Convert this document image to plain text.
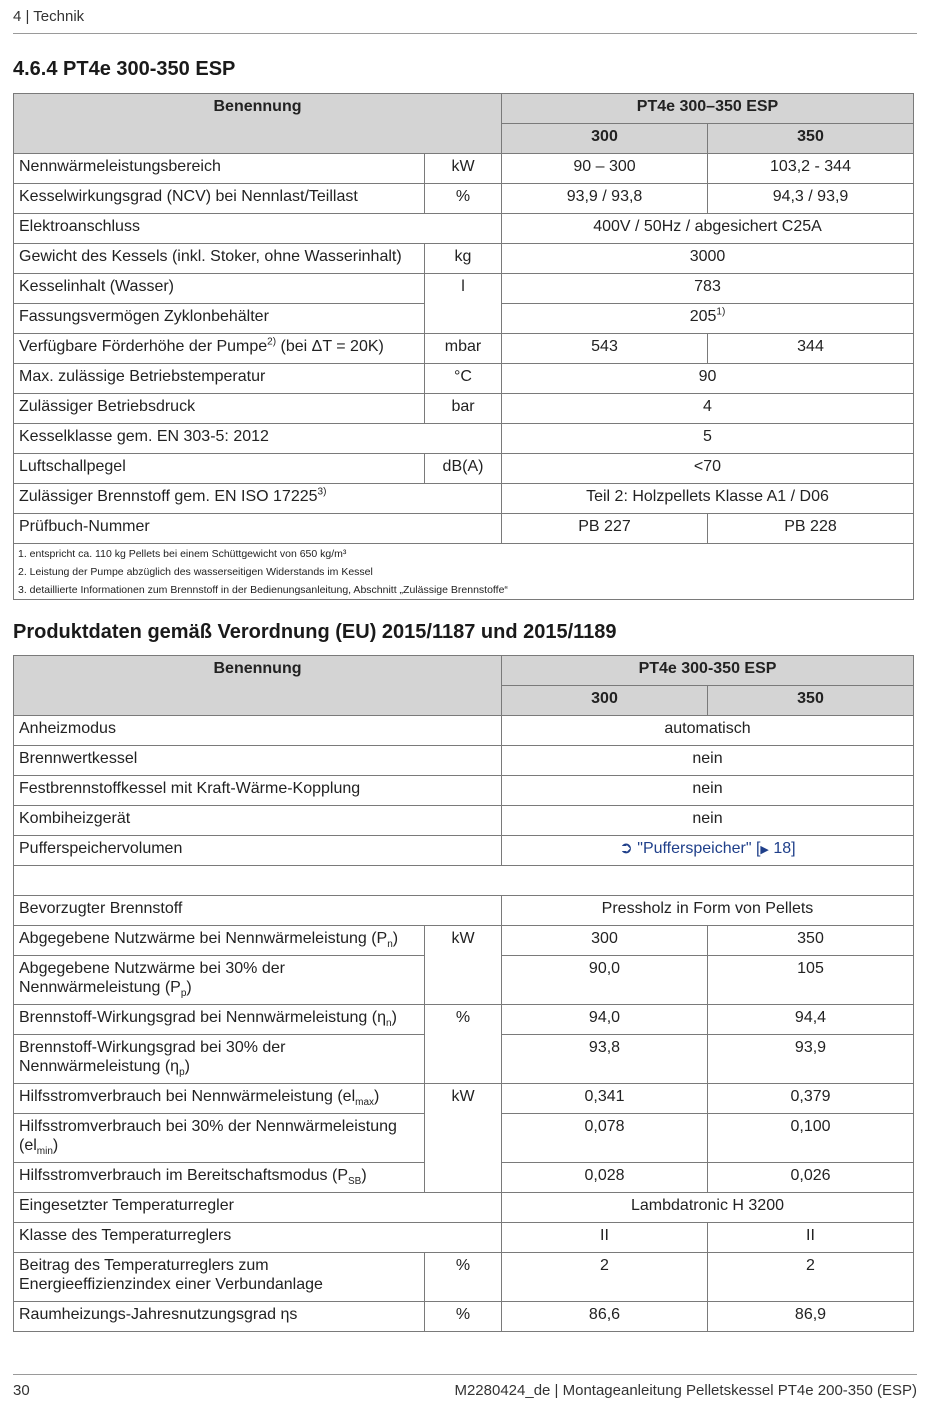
4 | Technik
4.6.4 PT4e 300-350 ESP
Benennung		PT4e 300–350 ESP	
		300	350
Nennwärmeleistungsbereich	kW	90 – 300	103,2 - 344
Kesselwirkungsgrad (NCV) bei Nennlast/Teillast	%	93,9 / 93,8	94,3 / 93,9
Elektroanschluss		400V / 50Hz / abgesichert C25A	
Gewicht des Kessels (inkl. Stoker, ohne Wasserinhalt)	kg	3000	
Kesselinhalt (Wasser)	l	783	
Fassungsvermögen Zyklonbehälter		205$^{1)}$
Verfügbare Förderhöhe der Pumpe$^{2)}$ (bei ΔT = 20K)	mbar	543	344
Max. zulässige Betriebstemperatur	°C	90	
Zulässiger Betriebsdruck	bar	4	
Kesselklasse gem. EN 303-5: 2012		5	
Luftschallpegel	dB(A)	<70	
Zulässiger Brennstoff gem. EN ISO 17225$^{3)}$		Teil 2: Holzpellets Klasse A1 / D06	
Prüfbuch-Nummer		PB 227	PB 228

1. entspricht ca. 110 kg Pellets bei einem Schüttgewicht von 650 kg/m³
2. Leistung der Pumpe abzüglich des wasserseitigen Widerstands im Kessel
3. detaillierte Informationen zum Brennstoff in der Bedienungsanleitung, Abschnitt „Zulässige Brennstoffe“			
Produktdaten gemäß Verordnung (EU) 2015/1187 und 2015/1189
Benennung		PT4e 300-350 ESP	
		300	350
Anheizmodus		automatisch	
Brennwertkessel		nein	
Festbrennstoffkessel mit Kraft-Wärme-Kopplung		nein	
Kombiheizgerät		nein	
Pufferspeichervolumen		➲ "Pufferspeicher" [▶ 18]	

Bevorzugter Brennstoff		Pressholz in Form von Pellets	
Abgegebene Nutzwärme bei Nennwärmeleistung $(P_n)$	kW	300	350
Abgegebene Nutzwärme bei 30% der Nennwärmeleistung $(P_p)$		90,0	105
Brennstoff-Wirkungsgrad bei Nennwärmeleistung $(\eta_n)$	%	94,0	94,4
Brennstoff-Wirkungsgrad bei 30% der Nennwärmeleistung $(\eta_p)$		93,8	93,9
Hilfsstromverbrauch bei Nennwärmeleistung $(el_{max})$	kW	0,341	0,379
Hilfsstromverbrauch bei 30% der Nennwärmeleistung $(el_{min})$		0,078	0,100
Hilfsstromverbrauch im Bereitschaftsmodus $(P_{SB})$		0,028	0,026
Eingesetzter Temperaturregler		Lambdatronic H 3200	
Klasse des Temperaturreglers		II	II
Beitrag des Temperaturreglers zum Energieeffizienzindex einer Verbundanlage	%	2	2
Raumheizungs-Jahresnutzungsgrad ηs	%	86,6	86,9
30	M2280424_de | Montageanleitung Pelletskessel PT4e 200-350 (ESP)
